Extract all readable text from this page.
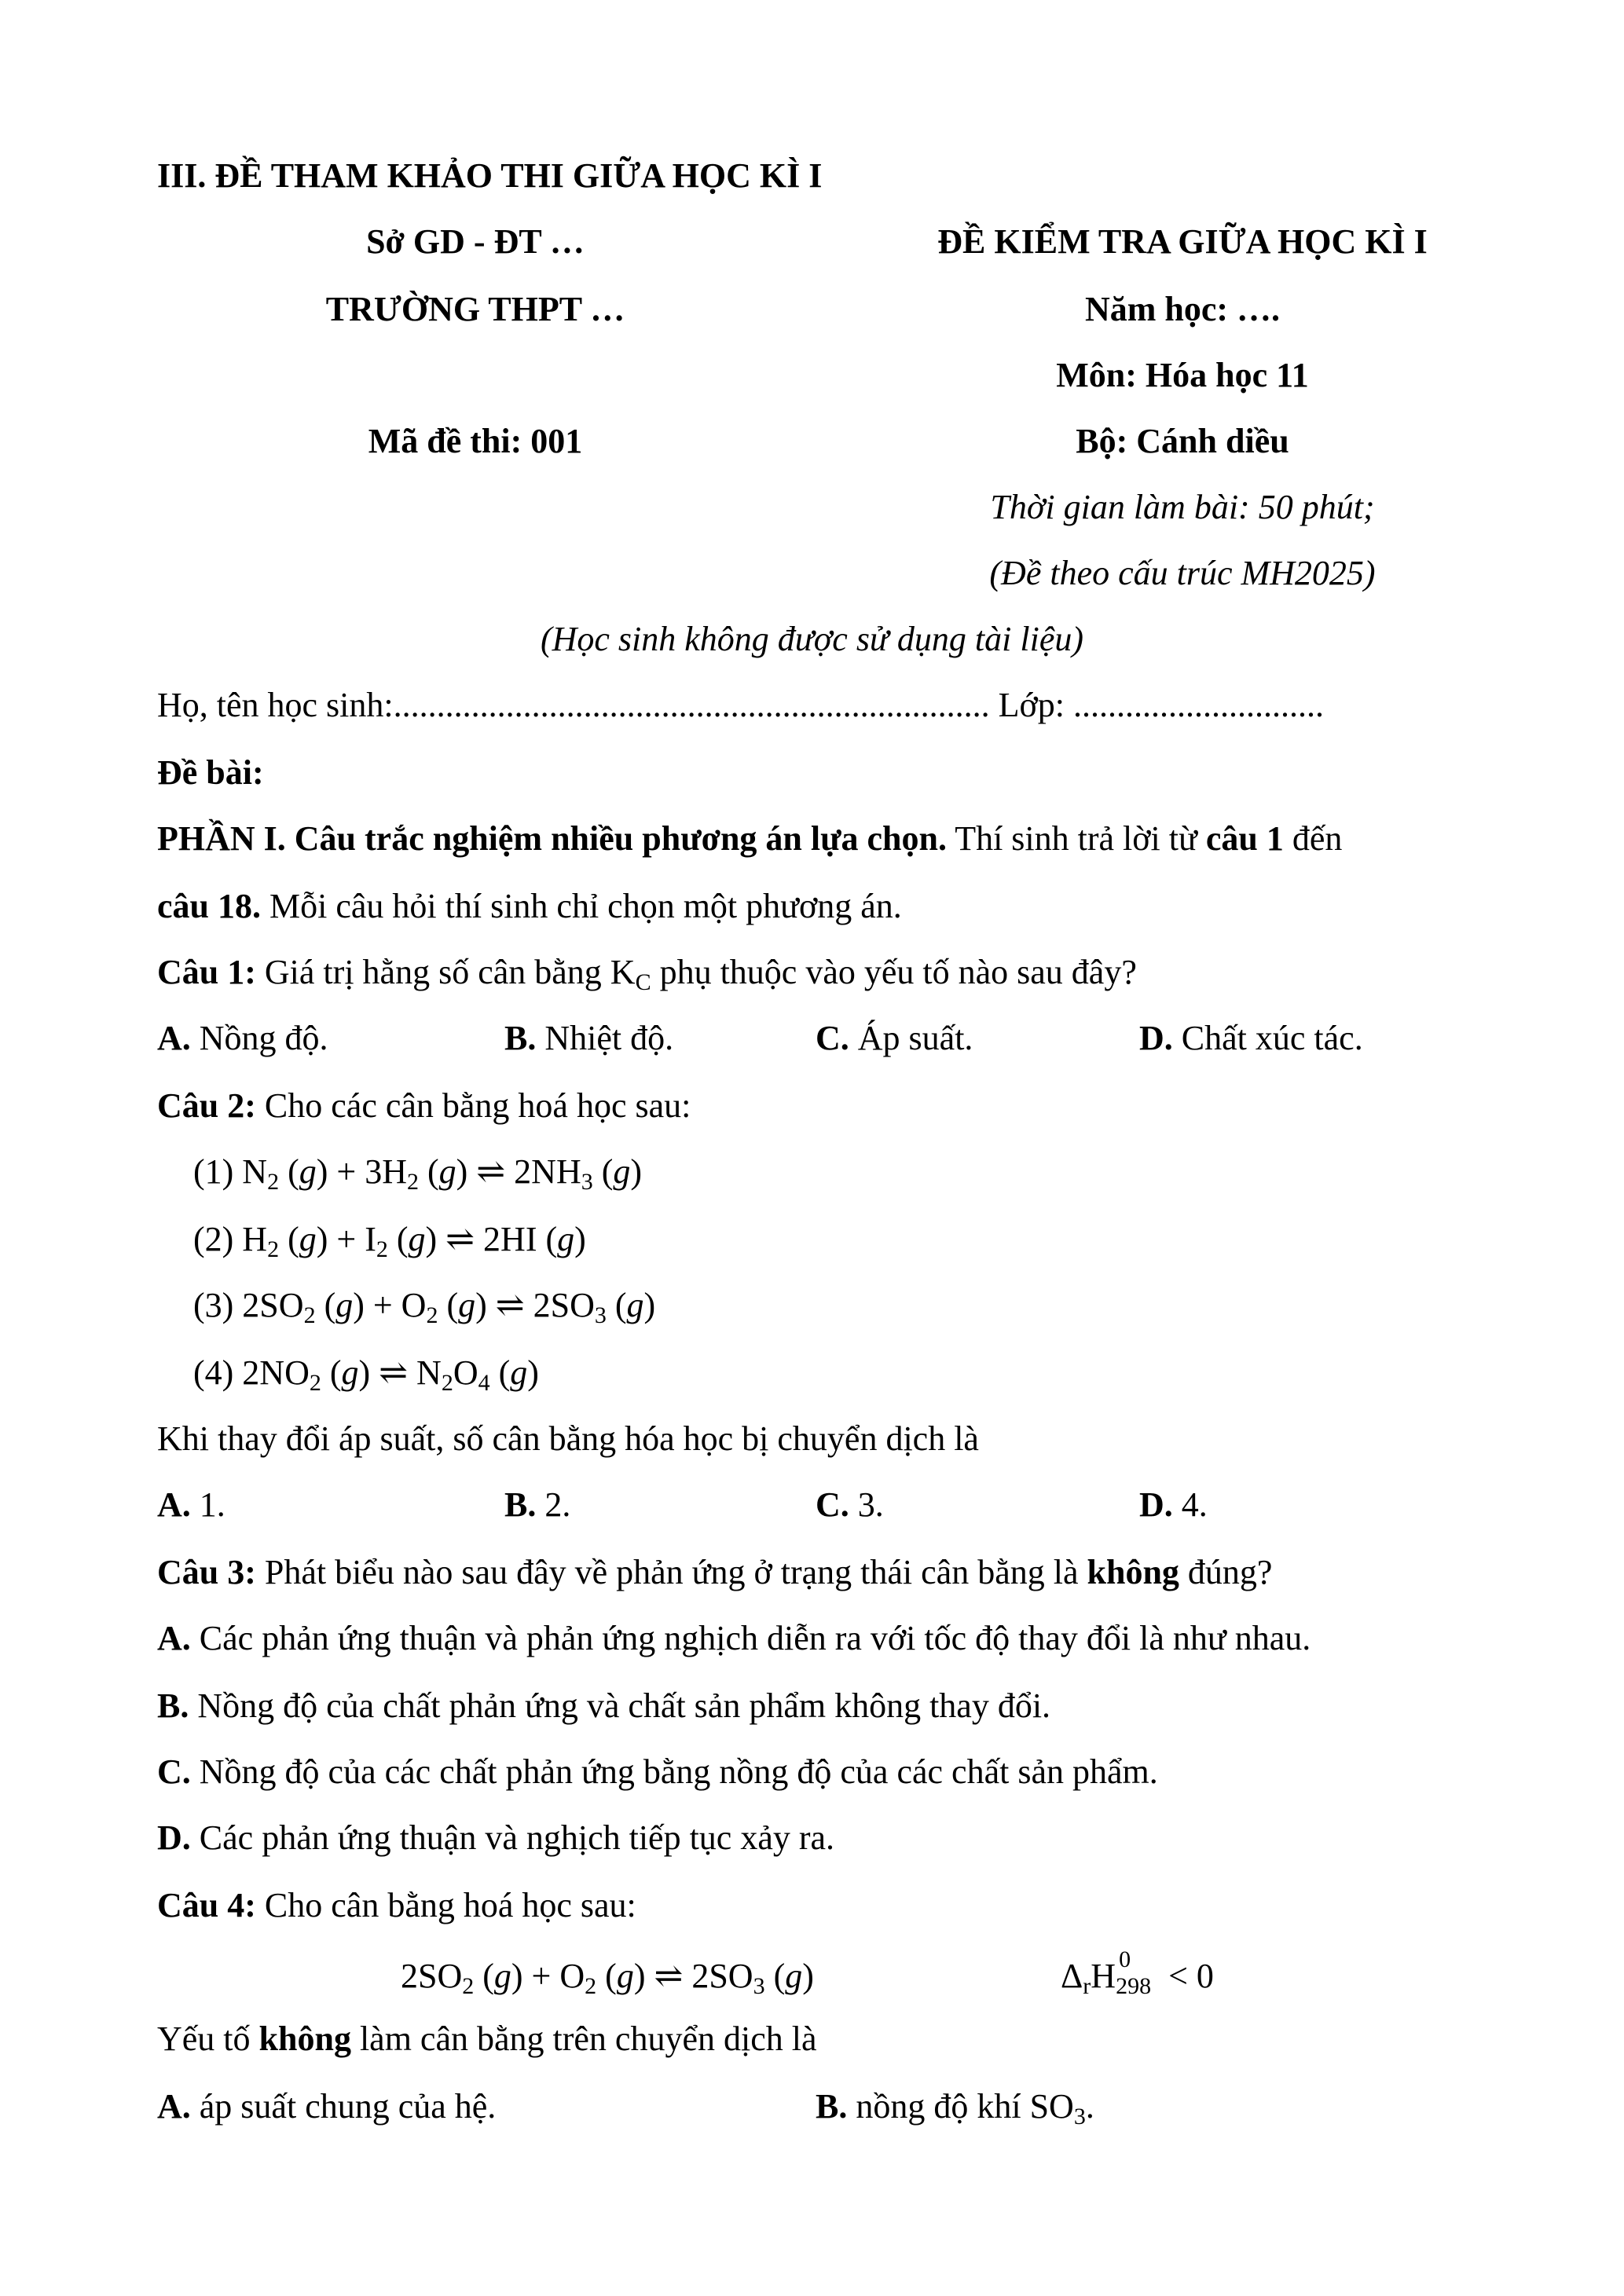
III. ĐỀ THAM KHẢO THI GIỮA HỌC KÌ I
Sở GD - ĐT …
TRƯỜNG THPT …
Mã đề thi: 001
ĐỀ KIỂM TRA GIỮA HỌC KÌ I
Năm học: ….
Môn: Hóa học 11
Bộ: Cánh diều
Thời gian làm bài: 50 phút;
(Đề theo cấu trúc MH2025)
(Học sinh không được sử dụng tài liệu)
Họ, tên học sinh:..................................................................... Lớp: .............................
Đề bài:
PHẦN I. Câu trắc nghiệm nhiều phương án lựa chọn. Thí sinh trả lời từ câu 1 đến
câu 18. Mỗi câu hỏi thí sinh chỉ chọn một phương án.
Câu 1: Giá trị hằng số cân bằng $K_C$ phụ thuộc vào yếu tố nào sau đây?
A. Nồng độ.	B. Nhiệt độ.	C. Áp suất.	D. Chất xúc tác.
Câu 2: Cho các cân bằng hoá học sau:
(1) $N_2$ $(g) + 3H_2$ (g) ⇌ $2NH_3$ (g)
(2) $H_2$ $(g) + I_2$ (g) ⇌ 2HI (g)
(3) $2SO_2$ $(g) + O_2$ (g) ⇌ $2SO_3$ (g)
(4) $2NO_2$ (g) ⇌ $N_2O_4$ (g)
Khi thay đổi áp suất, số cân bằng hóa học bị chuyển dịch là
A. 1.	B. 2.	C. 3.	D. 4.
Câu 3: Phát biểu nào sau đây về phản ứng ở trạng thái cân bằng là không đúng?
A. Các phản ứng thuận và phản ứng nghịch diễn ra với tốc độ thay đổi là như nhau.
B. Nồng độ của chất phản ứng và chất sản phẩm không thay đổi.
C. Nồng độ của các chất phản ứng bằng nồng độ của các chất sản phẩm.
D. Các phản ứng thuận và nghịch tiếp tục xảy ra.
Câu 4: Cho cân bằng hoá học sau:
$2SO_2$ $(g) + O_2$ (g) ⇌ $2SO_3$ (g)	$\Delta_rH$ 0
298 < 0
Yếu tố không làm cân bằng trên chuyển dịch là
A. áp suất chung của hệ.	B. nồng độ khí $SO_3$.
